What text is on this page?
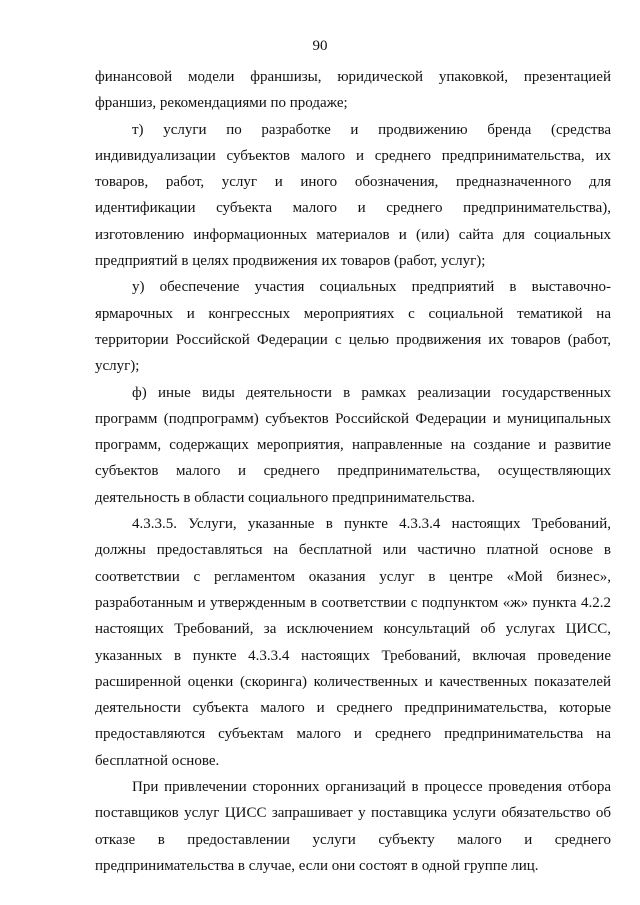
90

финансовой модели франшизы, юридической упаковкой, презентацией франшиз, рекомендациями по продаже;

т) услуги по разработке и продвижению бренда (средства индивидуализации субъектов малого и среднего предпринимательства, их товаров, работ, услуг и иного обозначения, предназначенного для идентификации субъекта малого и среднего предпринимательства), изготовлению информационных материалов и (или) сайта для социальных предприятий в целях продвижения их товаров (работ, услуг);

у) обеспечение участия социальных предприятий в выставочно-ярмарочных и конгрессных мероприятиях с социальной тематикой на территории Российской Федерации с целью продвижения их товаров (работ, услуг);

ф) иные виды деятельности в рамках реализации государственных программ (подпрограмм) субъектов Российской Федерации и муниципальных программ, содержащих мероприятия, направленные на создание и развитие субъектов малого и среднего предпринимательства, осуществляющих деятельность в области социального предпринимательства.

4.3.3.5. Услуги, указанные в пункте 4.3.3.4 настоящих Требований, должны предоставляться на бесплатной или частично платной основе в соответствии с регламентом оказания услуг в центре «Мой бизнес», разработанным и утвержденным в соответствии с подпунктом «ж» пункта 4.2.2 настоящих Требований, за исключением консультаций об услугах ЦИСС, указанных в пункте 4.3.3.4 настоящих Требований, включая проведение расширенной оценки (скоринга) количественных и качественных показателей деятельности субъекта малого и среднего предпринимательства, которые предоставляются субъектам малого и среднего предпринимательства на бесплатной основе.

При привлечении сторонних организаций в процессе проведения отбора поставщиков услуг ЦИСС запрашивает у поставщика услуги обязательство об отказе в предоставлении услуги субъекту малого и среднего предпринимательства в случае, если они состоят в одной группе лиц.
